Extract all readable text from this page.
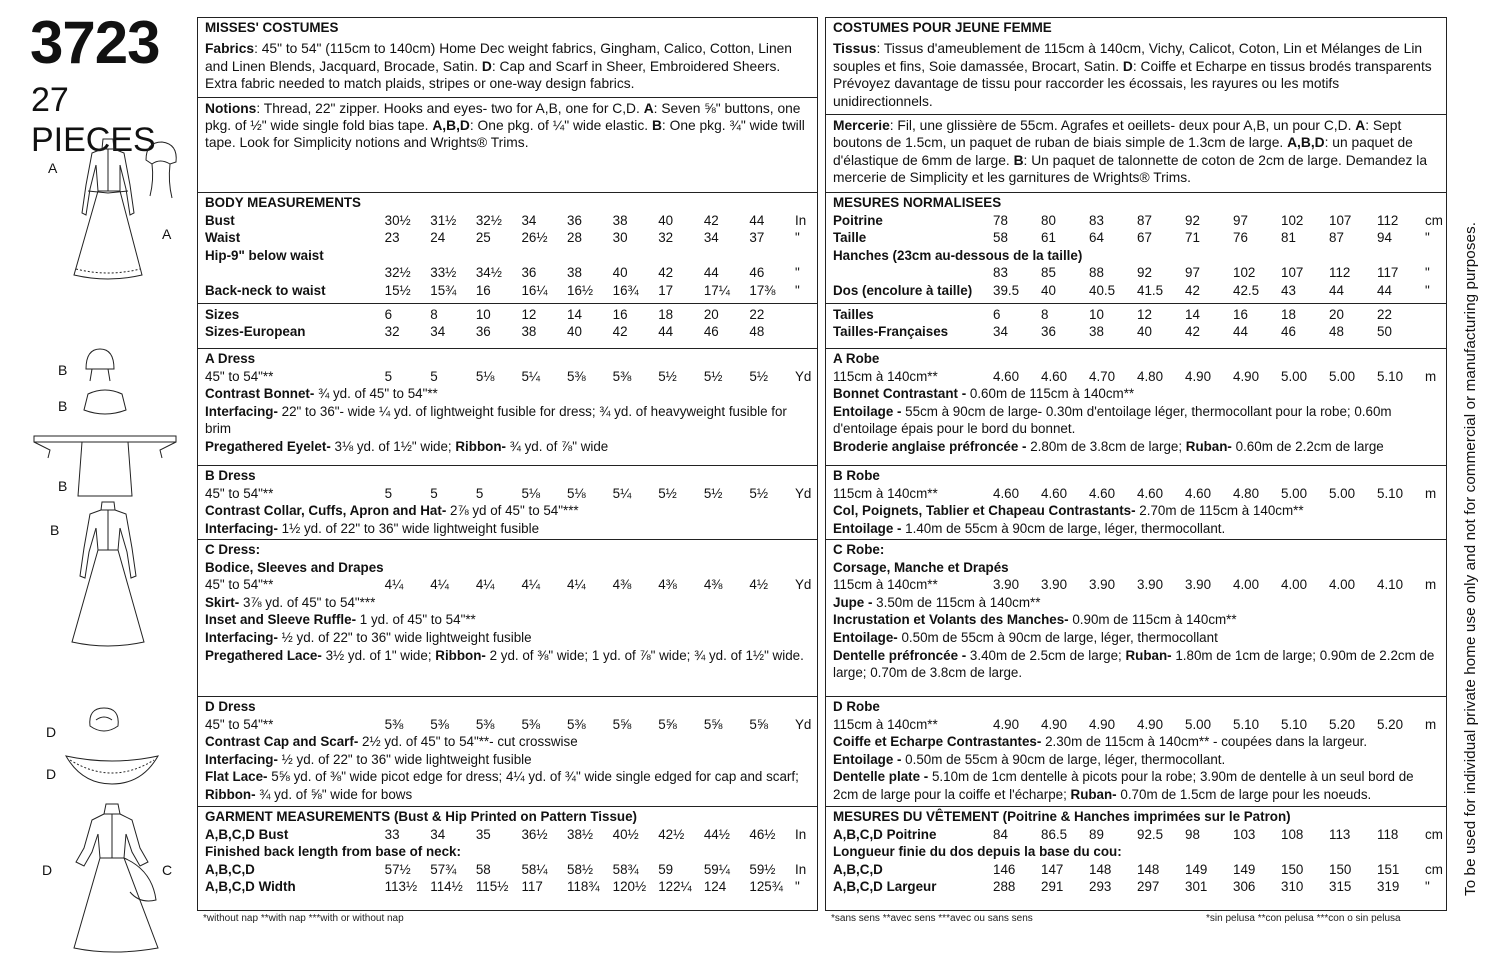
3723
27 PIECES
A
A
B
B
B
B
D
D
D	C
MISSES' COSTUMES
Fabrics: 45" to 54" (115cm to 140cm) Home Dec weight fabrics, Gingham, Calico, Cotton, Linen and Linen Blends, Jacquard, Brocade, Satin. D: Cap and Scarf in Sheer, Embroidered Sheers. Extra fabric needed to match plaids, stripes or one-way design fabrics.
Notions: Thread, 22" zipper. Hooks and eyes- two for A,B, one for C,D. A: Seven ⅝" buttons, one pkg. of ½" wide single fold bias tape. A,B,D: One pkg. of ¼" wide elastic. B: One pkg. ¾" wide twill tape. Look for Simplicity notions and Wrights® Trims.
BODY MEASUREMENTS
Bust	30½	31½	32½	34	36	38	40	42	44	In
Waist	23	24	25	26½	28	30	32	34	37	"
Hip-9" below waist
32½	33½	34½	36	38	40	42	44	46	"
Back-neck to waist	15½	15¾	16	16¼	16½	16¾	17	17¼	17⅜	"
Sizes	6	8	10	12	14	16	18	20	22
Sizes-European	32	34	36	38	40	42	44	46	48
A Dress
45" to 54"**	5	5	5⅛	5¼	5⅜	5⅜	5½	5½	5½	Yd
Contrast Bonnet- ¾ yd. of 45" to 54"**
Interfacing- 22" to 36"- wide ¼ yd. of lightweight fusible for dress; ¾ yd. of heavyweight fusible for brim
Pregathered Eyelet- 3⅛ yd. of 1½" wide; Ribbon- ¾ yd. of ⅞" wide
B Dress
45" to 54"**	5	5	5	5⅛	5⅛	5¼	5½	5½	5½	Yd
Contrast Collar, Cuffs, Apron and Hat- 2⅞ yd of 45" to 54"***
Interfacing- 1½ yd. of 22" to 36" wide lightweight fusible
C Dress:
Bodice, Sleeves and Drapes
45" to 54"**	4¼	4¼	4¼	4¼	4¼	4⅜	4⅜	4⅜	4½	Yd
Skirt- 3⅞ yd. of 45" to 54"***
Inset and Sleeve Ruffle- 1 yd. of 45" to 54"**
Interfacing- ½ yd. of 22" to 36" wide lightweight fusible
Pregathered Lace- 3½ yd. of 1" wide; Ribbon- 2 yd. of ⅜" wide; 1 yd. of ⅞" wide; ¾ yd. of 1½" wide.
D Dress
45" to 54"**	5⅜	5⅜	5⅜	5⅜	5⅜	5⅝	5⅝	5⅝	5⅝	Yd
Contrast Cap and Scarf- 2½ yd. of 45" to 54"**- cut crosswise
Interfacing- ½ yd. of 22" to 36" wide lightweight fusible
Flat Lace- 5⅝ yd. of ⅜" wide picot edge for dress; 4¼ yd. of ¾" wide single edged for cap and scarf; Ribbon- ¾ yd. of ⅝" wide for bows
GARMENT MEASUREMENTS (Bust & Hip Printed on Pattern Tissue)
A,B,C,D Bust	33	34	35	36½	38½	40½	42½	44½	46½	In
Finished back length from base of neck:
A,B,C,D	57½	57¾	58	58¼	58½	58¾	59	59¼	59½	In
A,B,C,D Width	113½ 114½ 115½ 117	118¾ 120½ 122¼ 124	125¾ "
*without nap **with nap ***with or without nap
COSTUMES POUR JEUNE FEMME
Tissus: Tissus d'ameublement de 115cm à 140cm, Vichy, Calicot, Coton, Lin et Mélanges de Lin souples et fins, Soie damassée, Brocart, Satin. D: Coiffe et Echarpe en tissus brodés transparents Prévoyez davantage de tissu pour raccorder les écossais, les rayures ou les motifs unidirectionnels.
Mercerie: Fil, une glissière de 55cm. Agrafes et oeillets- deux pour A,B, un pour C,D. A: Sept boutons de 1.5cm, un paquet de ruban de biais simple de 1.3cm de large. A,B,D: un paquet de d'élastique de 6mm de large. B: Un paquet de talonnette de coton de 2cm de large. Demandez la mercerie de Simplicity et les garnitures de Wrights® Trims.
MESURES NORMALISEES
Poitrine	78	80	83	87	92	97	102	107	112	cm
Taille	58	61	64	67	71	76	81	87	94	"
Hanches (23cm au-dessous de la taille)
83	85	88	92	97	102	107	112	117	"
Dos (encolure à taille)	39.5	40	40.5	41.5	42	42.5	43	44	44	"
Tailles	6	8	10	12	14	16	18	20	22
Tailles-Françaises	34	36	38	40	42	44	46	48	50
A Robe
115cm à 140cm**	4.60	4.60	4.70	4.80	4.90	4.90	5.00	5.00	5.10	m
Bonnet Contrastant - 0.60m de 115cm à 140cm**
Entoilage - 55cm à 90cm de large- 0.30m d'entoilage léger, thermocollant pour la robe; 0.60m d'entoilage épais pour le bord du bonnet.
Broderie anglaise préfroncée - 2.80m de 3.8cm de large; Ruban- 0.60m de 2.2cm de large
B Robe
115cm à 140cm**	4.60	4.60	4.60	4.60	4.60	4.80	5.00	5.00	5.10	m
Col, Poignets, Tablier et Chapeau Contrastants- 2.70m de 115cm à 140cm**
Entoilage - 1.40m de 55cm à 90cm de large, léger, thermocollant.
C Robe:
Corsage, Manche et Drapés
115cm à 140cm**	3.90	3.90	3.90	3.90	3.90	4.00	4.00	4.00	4.10	m
Jupe - 3.50m de 115cm à 140cm**
Incrustation et Volants des Manches- 0.90m de 115cm à 140cm**
Entoilage- 0.50m de 55cm à 90cm de large, léger, thermocollant
Dentelle préfroncée - 3.40m de 2.5cm de large; Ruban- 1.80m de 1cm de large; 0.90m de 2.2cm de large; 0.70m de 3.8cm de large.
D Robe
115cm à 140cm**	4.90	4.90	4.90	4.90	5.00	5.10	5.10	5.20	5.20	m
Coiffe et Echarpe Contrastantes- 2.30m de 115cm à 140cm** - coupées dans la largeur.
Entoilage - 0.50m de 55cm à 90cm de large, léger, thermocollant.
Dentelle plate - 5.10m de 1cm dentelle à picots pour la robe; 3.90m de dentelle à un seul bord de 2cm de large pour la coiffe et l'écharpe; Ruban- 0.70m de 1.5cm de large pour les noeuds.
MESURES DU VÊTEMENT (Poitrine & Hanches imprimées sur le Patron)
A,B,C,D Poitrine	84	86.5	89	92.5	98	103	108	113	118	cm
Longueur finie du dos depuis la base du cou:
A,B,C,D	146	147	148	148	149	149	150	150	151	cm
A,B,C,D Largeur	288	291	293	297	301	306	310	315	319	"
*sans sens **avec sens ***avec ou sans sens	*sin pelusa **con pelusa ***con o sin pelusa
To be used for individual private home use only and not for commercial or manufacturing purposes.
